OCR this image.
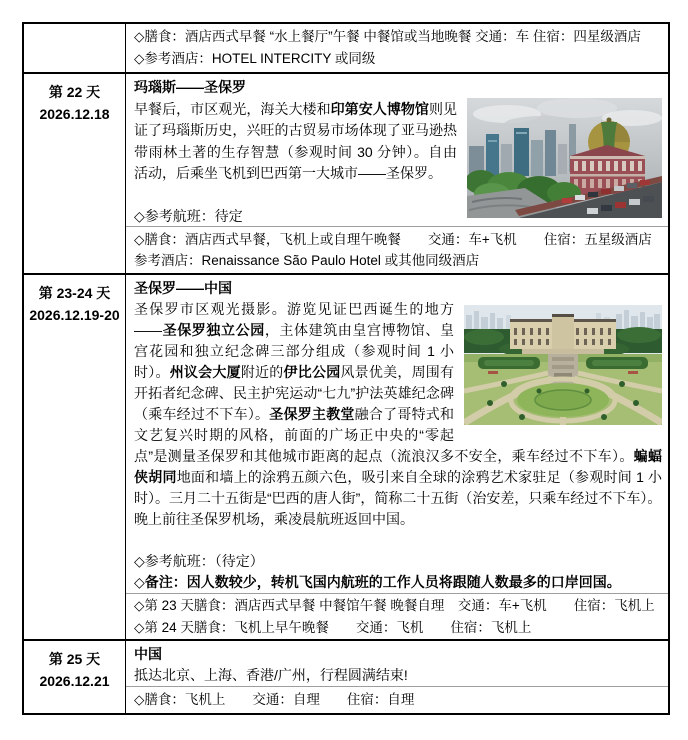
◇膳食：酒店西式早餐 “水上餐厅”午餐 中餐馆或当地晚餐 交通：车 住宿：四星级酒店
◇参考酒店：HOTEL INTERCITY 或同级
第 22 天
2026.12.18
玛瑙斯——圣保罗
早餐后，市区观光，海关大楼和印第安人博物馆则见证了玛瑙斯历史，兴旺的古贸易市场体现了亚马逊热带雨林土著的生存智慧（参观时间 30 分钟）。自由活动，后乘坐飞机到巴西第一大城市——圣保罗。
◇参考航班：待定
◇膳食：酒店西式早餐，飞机上或自理午晚餐　　交通：车+飞机　　住宿：五星级酒店
参考酒店：Renaissance São Paulo Hotel 或其他同级酒店
第 23-24 天
2026.12.19-20
圣保罗——中国
圣保罗市区观光摄影。游览见证巴西诞生的地方——圣保罗独立公园，主体建筑由皇宫博物馆、皇宫花园和独立纪念碑三部分组成（参观时间 1 小时）。州议会大厦附近的伊比公园风景优美，周围有开拓者纪念碑、民主护宪运动“七九”护法英雄纪念碑（乘车经过不下车）。圣保罗主教堂融合了哥特式和文艺复兴时期的风格，前面的广场正中央的“零起点”是测量圣保罗和其他城市距离的起点（流浪汉多不安全，乘车经过不下车）。蝙蝠侠胡同地面和墙上的涂鸦五颜六色，吸引来自全球的涂鸦艺术家驻足（参观时间 1 小时）。三月二十五街是“巴西的唐人街”，简称二十五街（治安差，只乘车经过不下车）。
晚上前往圣保罗机场，乘凌晨航班返回中国。
◇参考航班：（待定）
◇备注：因人数较少，转机飞国内航班的工作人员将跟随人数最多的口岸回国。
◇第 23 天膳食：酒店西式早餐 中餐馆午餐 晚餐自理　交通：车+飞机　　住宿：飞机上
◇第 24 天膳食：飞机上早午晚餐　　交通：飞机　　住宿：飞机上
第 25 天
2026.12.21
中国
抵达北京、上海、香港/广州，行程圆满结束!
◇膳食：飞机上　　交通：自理　　住宿：自理
